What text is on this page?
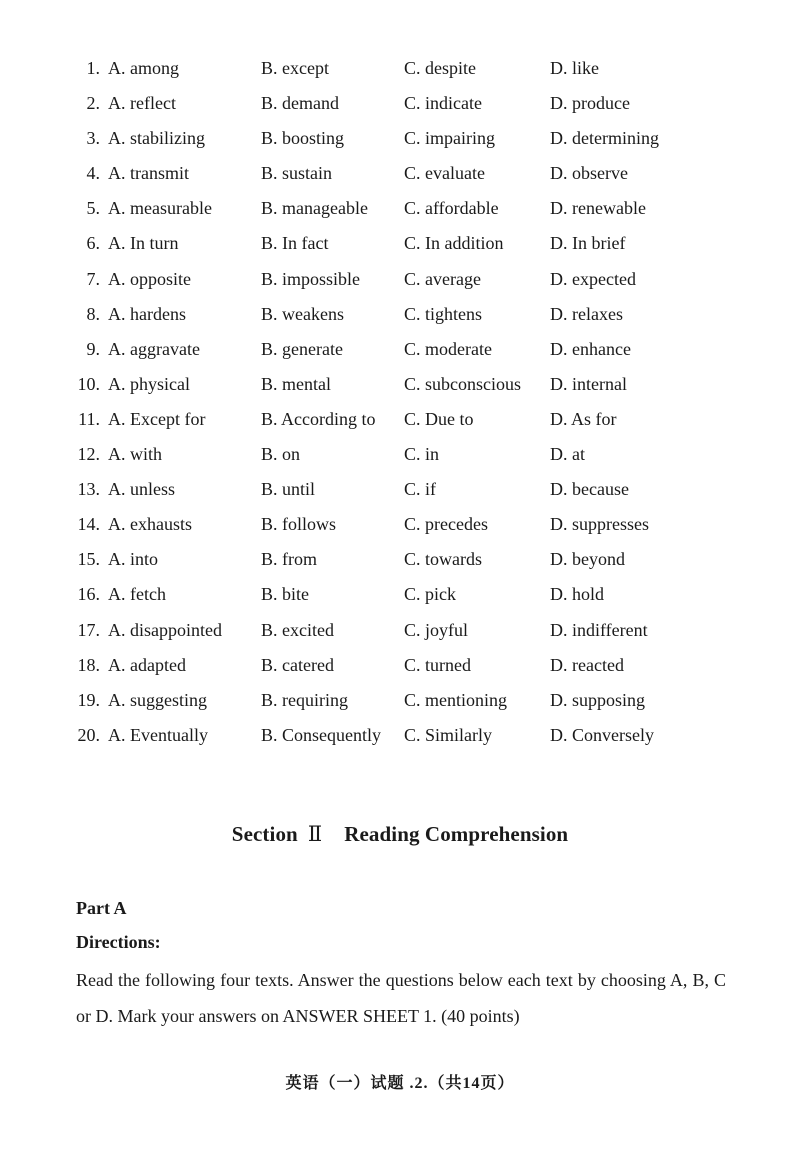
1. A. among	B. except	C. despite	D. like
2. A. reflect	B. demand	C. indicate	D. produce
3. A. stabilizing	B. boosting	C. impairing	D. determining
4. A. transmit	B. sustain	C. evaluate	D. observe
5. A. measurable	B. manageable C. affordable	D. renewable
6. A. In turn	B. In fact	C. In addition	D. In brief
7. A. opposite	B. impossible C. average	D. expected
8. A. hardens	B. weakens	C. tightens	D. relaxes
9. A. aggravate	B. generate	C. moderate	D. enhance
10. A. physical	B. mental	C. subconscious D. internal
11. A. Except for	B. According to C. Due to	D. As for
12. A. with	B. on	C. in	D. at
13. A. unless	B. until	C. if	D. because
14. A. exhausts	B. follows	C. precedes	D. suppresses
15. A. into	B. from	C. towards	D. beyond
16. A. fetch	B. bite	C. pick	D. hold
17. A. disappointed B. excited	C. joyful	D. indifferent
18. A. adapted	B. catered	C. turned	D. reacted
19. A. suggesting	B. requiring	C. mentioning D. supposing
20. A. Eventually	B. Consequently C. Similarly	D. Conversely
Section Ⅱ Reading Comprehension
Part A
Directions:
Read the following four texts. Answer the questions below each text by choosing A, B, C or D. Mark your answers on ANSWER SHEET 1. (40 points)
英语（一）试题 .2.（共14页）
